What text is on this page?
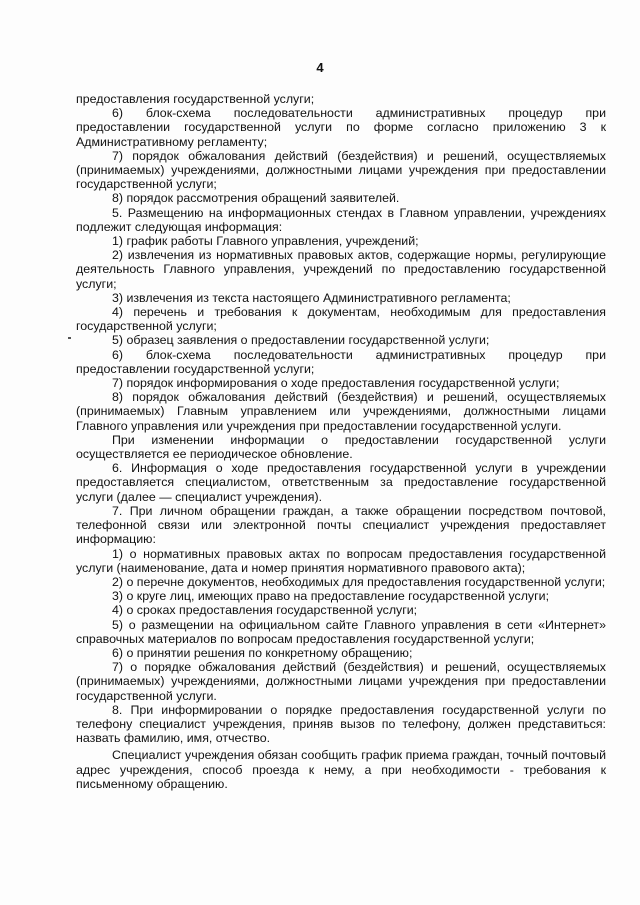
4

предоставления государственной услуги;

6) блок-схема последовательности административных процедур при предоставлении государственной услуги по форме согласно приложению 3 к Административному регламенту;

7) порядок обжалования действий (бездействия) и решений, осуществляемых (принимаемых) учреждениями, должностными лицами учреждения при предоставлении государственной услуги;

8) порядок рассмотрения обращений заявителей.

5. Размещению на информационных стендах в Главном управлении, учреждениях подлежит следующая информация:

1) график работы Главного управления, учреждений;

2) извлечения из нормативных правовых актов, содержащие нормы, регулирующие деятельность Главного управления, учреждений по предоставлению государственной услуги;

3) извлечения из текста настоящего Административного регламента;

4) перечень и требования к документам, необходимым для предоставления государственной услуги;

5) образец заявления о предоставлении государственной услуги;

6) блок-схема последовательности административных процедур при предоставлении государственной услуги;

7) порядок информирования о ходе предоставления государственной услуги;

8) порядок обжалования действий (бездействия) и решений, осуществляемых (принимаемых) Главным управлением или учреждениями, должностными лицами Главного управления или учреждения при предоставлении государственной услуги.

При изменении информации о предоставлении государственной услуги осуществляется ее периодическое обновление.

6. Информация о ходе предоставления государственной услуги в учреждении предоставляется специалистом, ответственным за предоставление государственной услуги (далее — специалист учреждения).

7. При личном обращении граждан, а также обращении посредством почтовой, телефонной связи или электронной почты специалист учреждения предоставляет информацию:

1) о нормативных правовых актах по вопросам предоставления государственной услуги (наименование, дата и номер принятия нормативного правового акта);

2) о перечне документов, необходимых для предоставления государственной услуги;

3) о круге лиц, имеющих право на предоставление государственной услуги;

4) о сроках предоставления государственной услуги;

5) о размещении на официальном сайте Главного управления в сети «Интернет» справочных материалов по вопросам предоставления государственной услуги;

6) о принятии решения по конкретному обращению;

7) о порядке обжалования действий (бездействия) и решений, осуществляемых (принимаемых) учреждениями, должностными лицами учреждения при предоставлении государственной услуги.

8. При информировании о порядке предоставления государственной услуги по телефону специалист учреждения, приняв вызов по телефону, должен представиться: назвать фамилию, имя, отчество.

Специалист учреждения обязан сообщить график приема граждан, точный почтовый адрес учреждения, способ проезда к нему, а при необходимости - требования к письменному обращению.
